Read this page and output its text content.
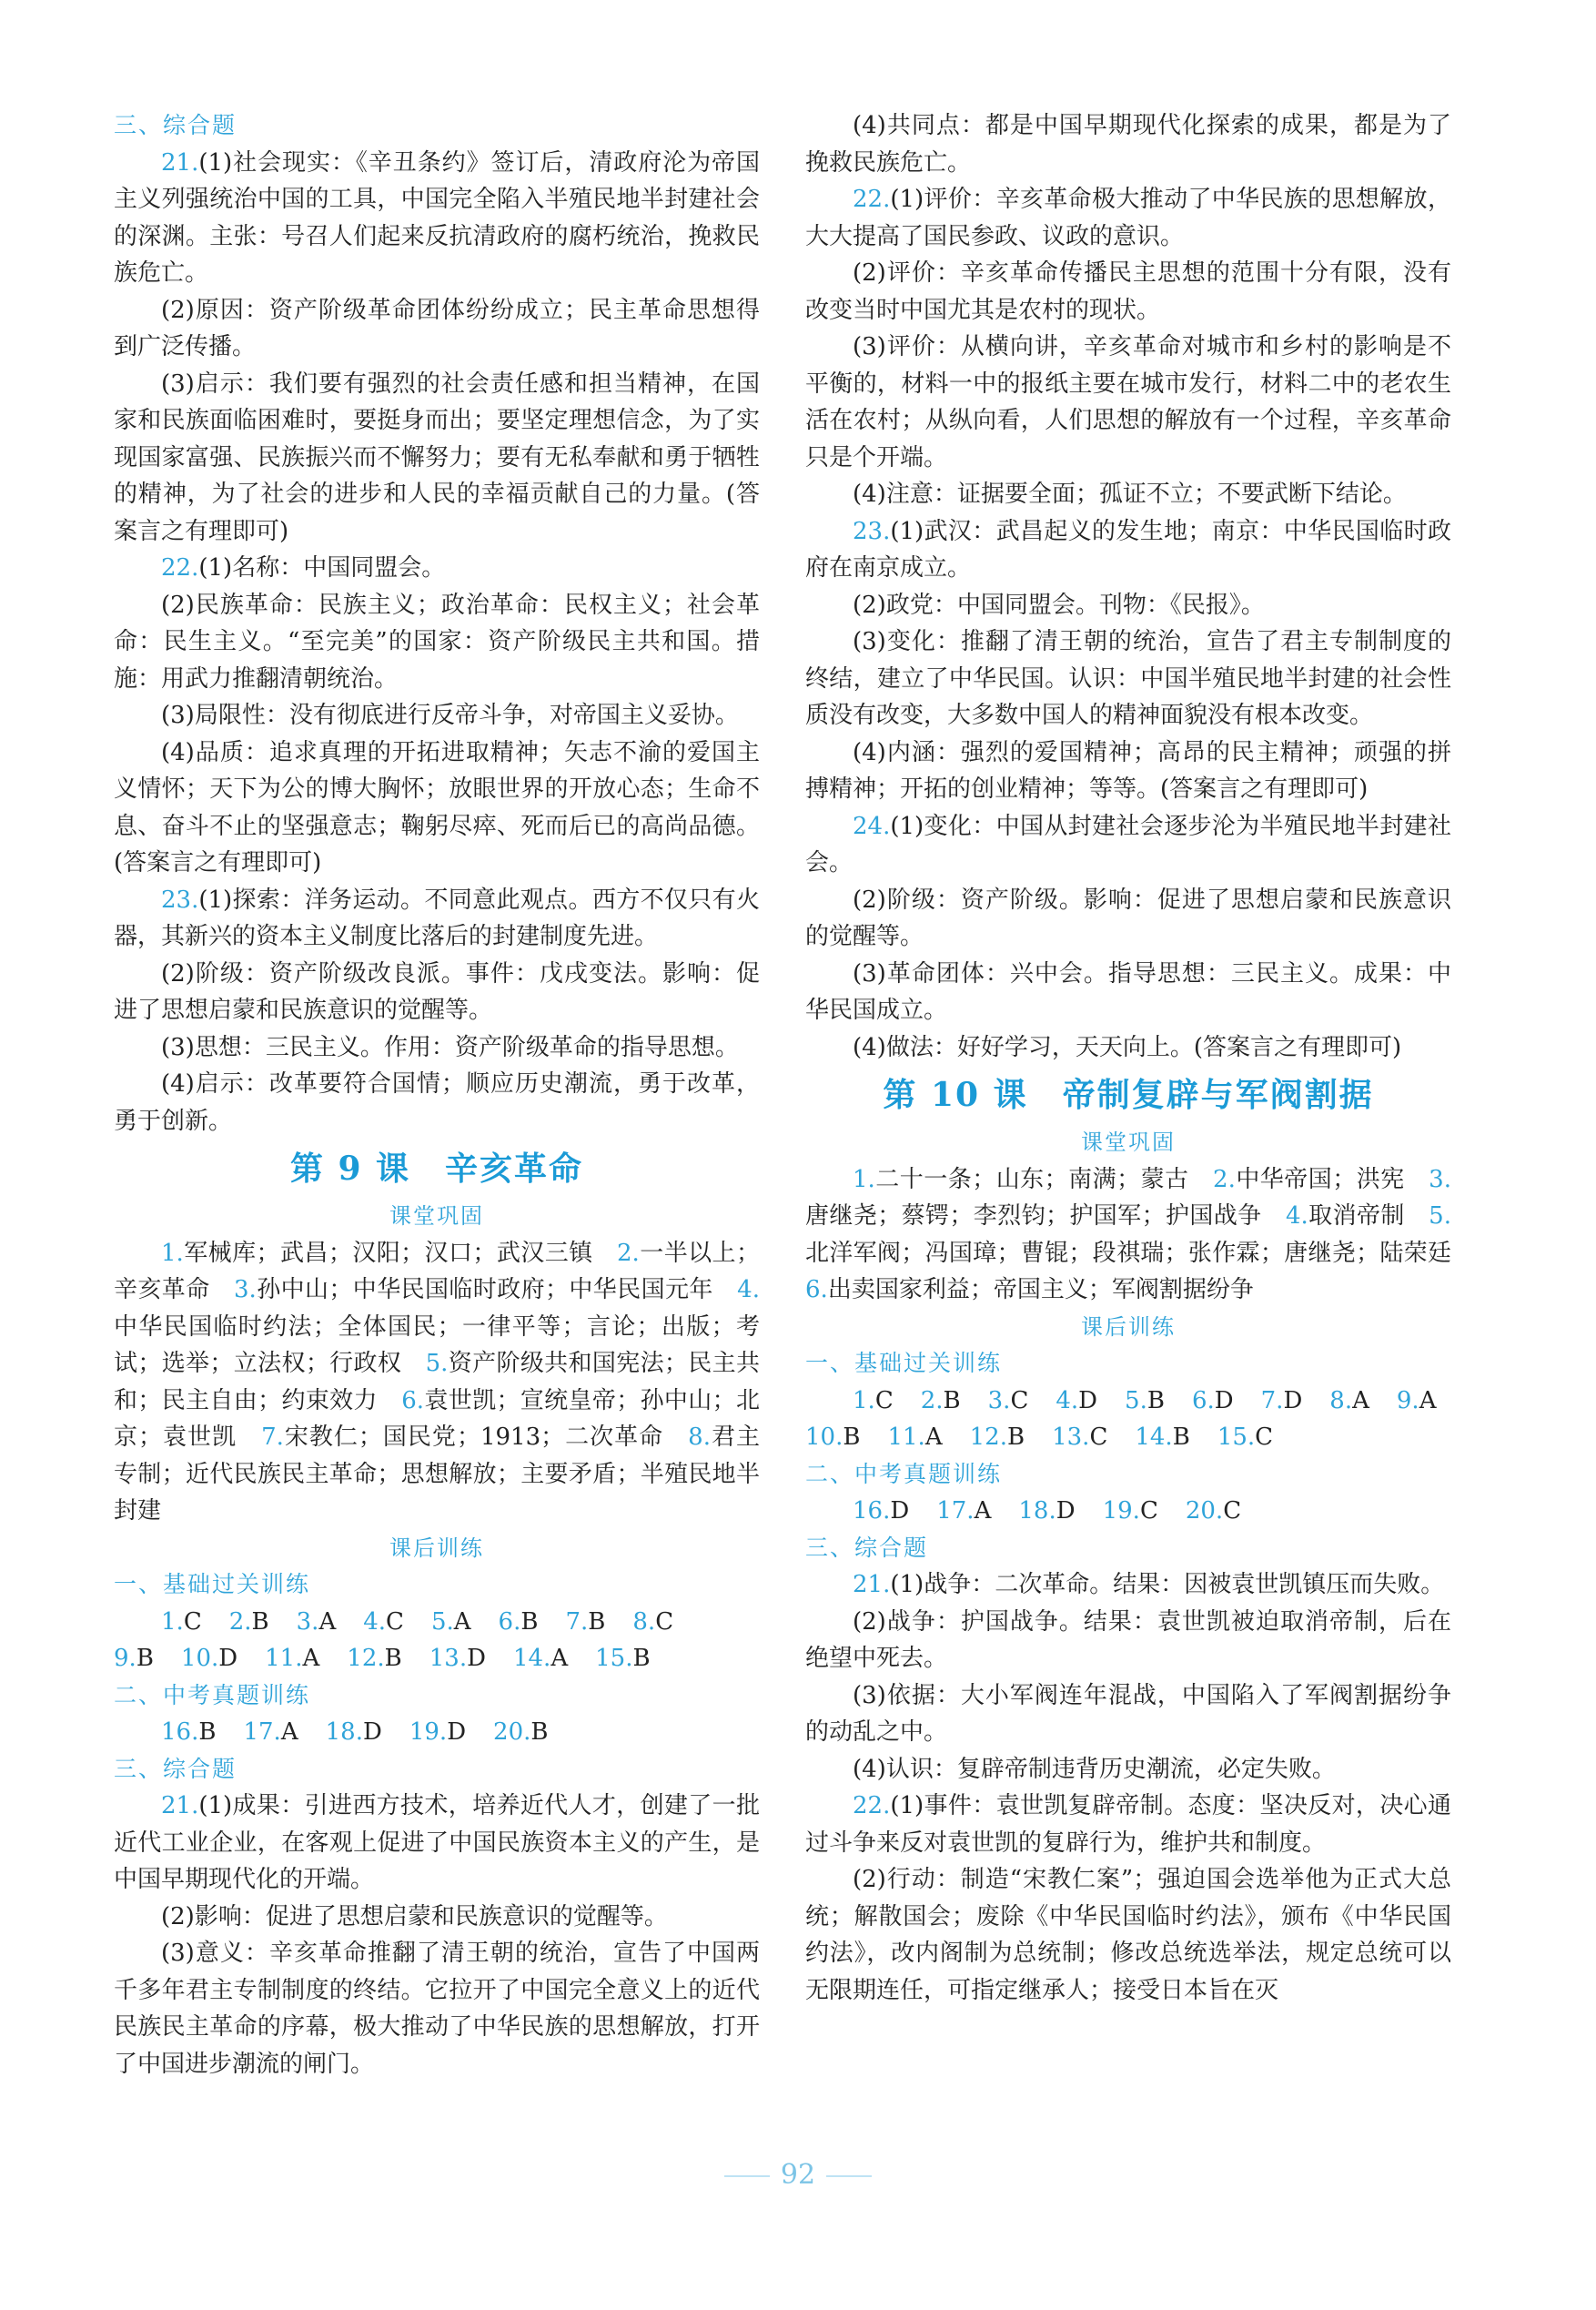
三、综合题

21.(1)社会现实：《辛丑条约》签订后，清政府沦为帝国主义列强统治中国的工具，中国完全陷入半殖民地半封建社会的深渊。主张：号召人们起来反抗清政府的腐朽统治，挽救民族危亡。

(2)原因：资产阶级革命团体纷纷成立；民主革命思想得到广泛传播。

(3)启示：我们要有强烈的社会责任感和担当精神，在国家和民族面临困难时，要挺身而出；要坚定理想信念，为了实现国家富强、民族振兴而不懈努力；要有无私奉献和勇于牺牲的精神，为了社会的进步和人民的幸福贡献自己的力量。(答案言之有理即可)

22.(1)名称：中国同盟会。

(2)民族革命：民族主义；政治革命：民权主义；社会革命：民生主义。“至完美”的国家：资产阶级民主共和国。措施：用武力推翻清朝统治。

(3)局限性：没有彻底进行反帝斗争，对帝国主义妥协。

(4)品质：追求真理的开拓进取精神；矢志不渝的爱国主义情怀；天下为公的博大胸怀；放眼世界的开放心态；生命不息、奋斗不止的坚强意志；鞠躬尽瘁、死而后已的高尚品德。(答案言之有理即可)

23.(1)探索：洋务运动。不同意此观点。西方不仅只有火器，其新兴的资本主义制度比落后的封建制度先进。

(2)阶级：资产阶级改良派。事件：戊戌变法。影响：促进了思想启蒙和民族意识的觉醒等。

(3)思想：三民主义。作用：资产阶级革命的指导思想。

(4)启示：改革要符合国情；顺应历史潮流，勇于改革，勇于创新。

第 9 课　辛亥革命

课堂巩固

1.军械库；武昌；汉阳；汉口；武汉三镇　2.一半以上；辛亥革命　3.孙中山；中华民国临时政府；中华民国元年　4.中华民国临时约法；全体国民；一律平等；言论；出版；考试；选举；立法权；行政权　5.资产阶级共和国宪法；民主共和；民主自由；约束效力　6.袁世凯；宣统皇帝；孙中山；北京；袁世凯　7.宋教仁；国民党；1913；二次革命　8.君主专制；近代民族民主革命；思想解放；主要矛盾；半殖民地半封建

课后训练

一、基础过关训练

1.C 2.B 3.A 4.C 5.A 6.B 7.B 8.C

9.B 10.D 11.A 12.B 13.D 14.A 15.B

二、中考真题训练

16.B 17.A 18.D 19.D 20.B

三、综合题

21.(1)成果：引进西方技术，培养近代人才，创建了一批近代工业企业，在客观上促进了中国民族资本主义的产生，是中国早期现代化的开端。

(2)影响：促进了思想启蒙和民族意识的觉醒等。

(3)意义：辛亥革命推翻了清王朝的统治，宣告了中国两千多年君主专制制度的终结。它拉开了中国完全意义上的近代民族民主革命的序幕，极大推动了中华民族的思想解放，打开了中国进步潮流的闸门。

(4)共同点：都是中国早期现代化探索的成果，都是为了挽救民族危亡。

22.(1)评价：辛亥革命极大推动了中华民族的思想解放，大大提高了国民参政、议政的意识。

(2)评价：辛亥革命传播民主思想的范围十分有限，没有改变当时中国尤其是农村的现状。

(3)评价：从横向讲，辛亥革命对城市和乡村的影响是不平衡的，材料一中的报纸主要在城市发行，材料二中的老农生活在农村；从纵向看，人们思想的解放有一个过程，辛亥革命只是个开端。

(4)注意：证据要全面；孤证不立；不要武断下结论。

23.(1)武汉：武昌起义的发生地；南京：中华民国临时政府在南京成立。

(2)政党：中国同盟会。刊物：《民报》。

(3)变化：推翻了清王朝的统治，宣告了君主专制制度的终结，建立了中华民国。认识：中国半殖民地半封建的社会性质没有改变，大多数中国人的精神面貌没有根本改变。

(4)内涵：强烈的爱国精神；高昂的民主精神；顽强的拼搏精神；开拓的创业精神；等等。(答案言之有理即可)

24.(1)变化：中国从封建社会逐步沦为半殖民地半封建社会。

(2)阶级：资产阶级。影响：促进了思想启蒙和民族意识的觉醒等。

(3)革命团体：兴中会。指导思想：三民主义。成果：中华民国成立。

(4)做法：好好学习，天天向上。(答案言之有理即可)

第 10 课　帝制复辟与军阀割据

课堂巩固

1.二十一条；山东；南满；蒙古　2.中华帝国；洪宪　3.唐继尧；蔡锷；李烈钧；护国军；护国战争　4.取消帝制　5.北洋军阀；冯国璋；曹锟；段祺瑞；张作霖；唐继尧；陆荣廷　6.出卖国家利益；帝国主义；军阀割据纷争

课后训练

一、基础过关训练

1.C 2.B 3.C 4.D 5.B 6.D 7.D 8.A 9.A

10.B 11.A 12.B 13.C 14.B 15.C

二、中考真题训练

16.D 17.A 18.D 19.C 20.C

三、综合题

21.(1)战争：二次革命。结果：因被袁世凯镇压而失败。

(2)战争：护国战争。结果：袁世凯被迫取消帝制，后在绝望中死去。

(3)依据：大小军阀连年混战，中国陷入了军阀割据纷争的动乱之中。

(4)认识：复辟帝制违背历史潮流，必定失败。

22.(1)事件：袁世凯复辟帝制。态度：坚决反对，决心通过斗争来反对袁世凯的复辟行为，维护共和制度。

(2)行动：制造“宋教仁案”；强迫国会选举他为正式大总统；解散国会；废除《中华民国临时约法》，颁布《中华民国约法》，改内阁制为总统制；修改总统选举法，规定总统可以无限期连任，可指定继承人；接受日本旨在灭

92
